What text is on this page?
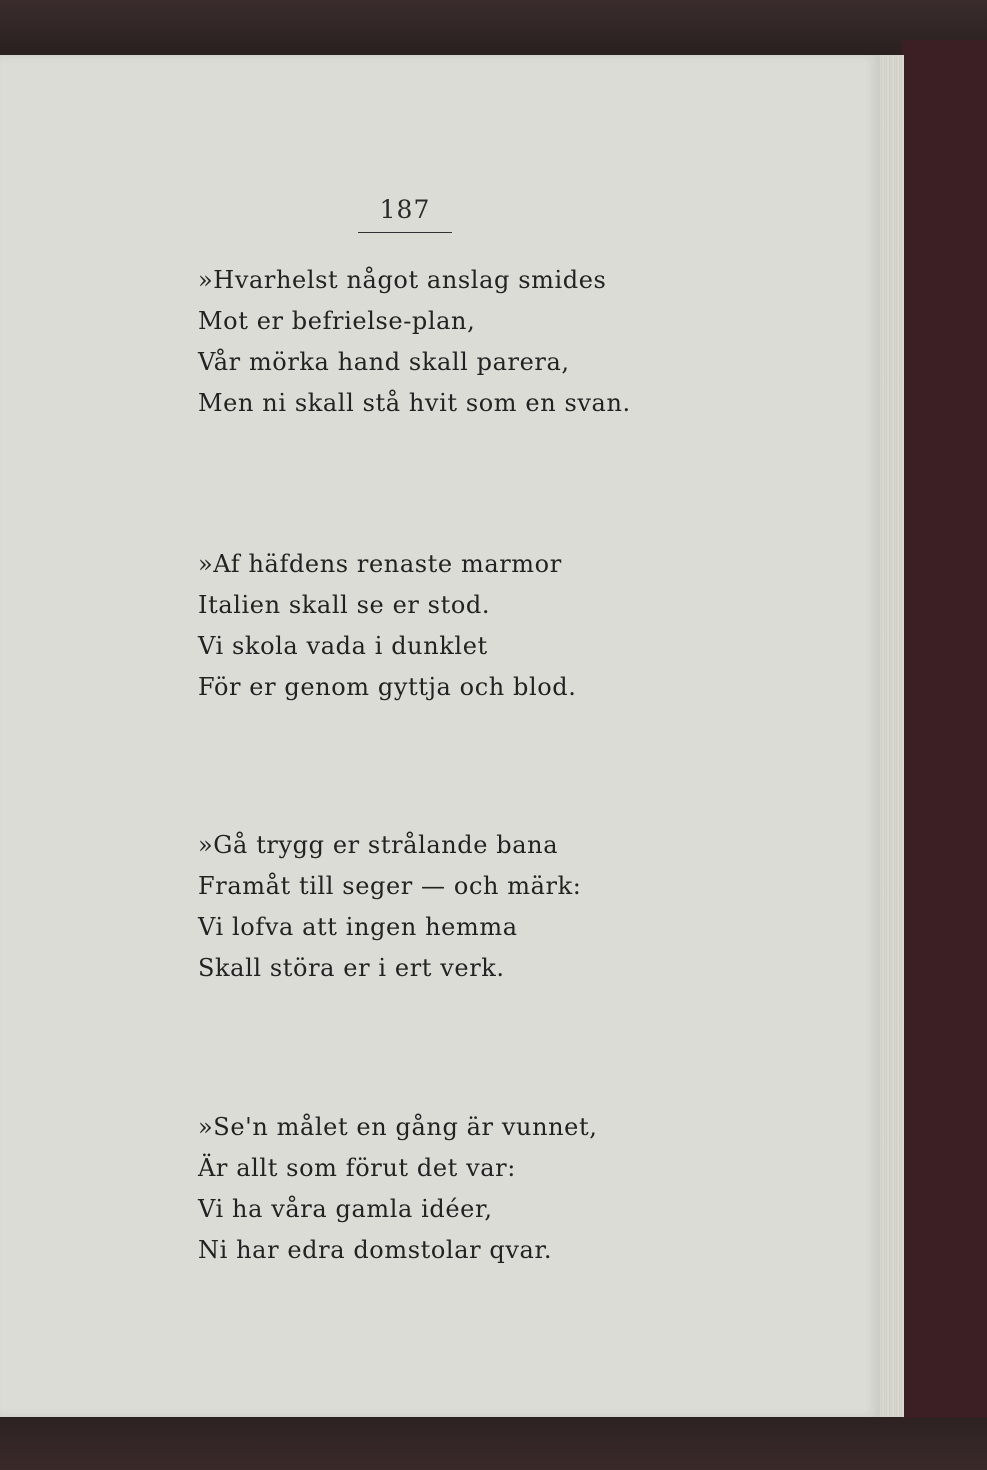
187
»Hvarhelst något anslag smides
Mot er befrielse-plan,
Vår mörka hand skall parera,
Men ni skall stå hvit som en svan.
»Af häfdens renaste marmor
Italien skall se er stod.
Vi skola vada i dunklet
För er genom gyttja och blod.
»Gå trygg er strålande bana
Framåt till seger — och märk:
Vi lofva att ingen hemma
Skall störa er i ert verk.
»Se'n målet en gång är vunnet,
Är allt som förut det var:
Vi ha våra gamla idéer,
Ni har edra domstolar qvar.
